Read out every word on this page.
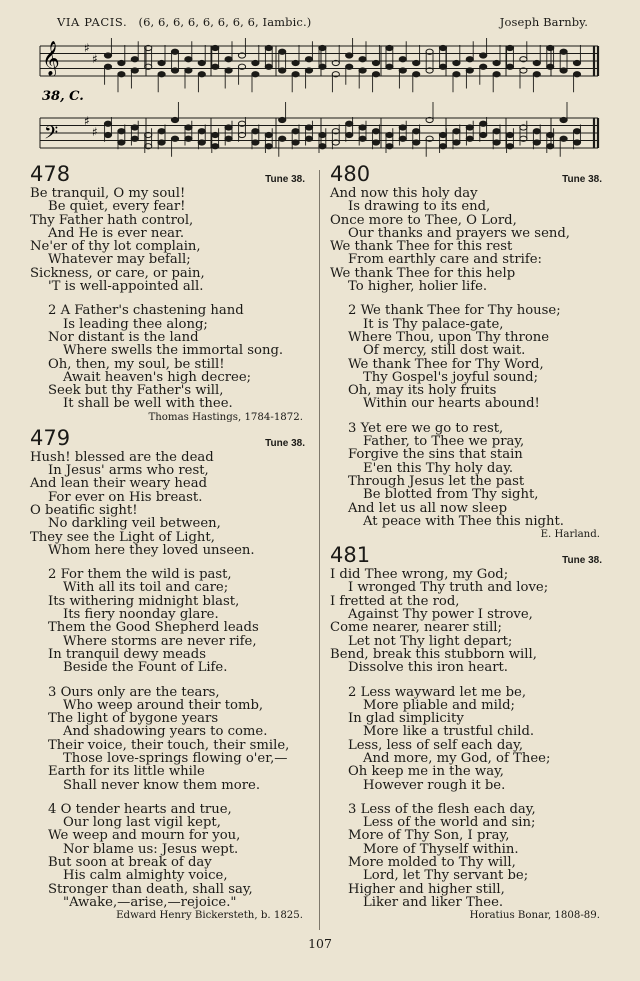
VIA PACIS. (6, 6, 6, 6, 6, 6, 6, 6, Iambic.)	Joseph Barnby.
♯
♯
♯
♯
38, C.
𝄞
𝄢
478	Tune 38.
Be tranquil, O my soul!
Be quiet, every fear!
Thy Father hath control,
And He is ever near.
Ne'er of thy lot complain,
Whatever may befall;
Sickness, or care, or pain,
'T is well-appointed all.
2 A Father's chastening hand
Is leading thee along;
Nor distant is the land
Where swells the immortal song.
Oh, then, my soul, be still!
Await heaven's high decree;
Seek but thy Father's will,
It shall be well with thee.
Thomas Hastings, 1784-1872.
479	Tune 38.
Hush! blessed are the dead
In Jesus' arms who rest,
And lean their weary head
For ever on His breast.
O beatific sight!
No darkling veil between,
They see the Light of Light,
Whom here they loved unseen.
2 For them the wild is past,
With all its toil and care;
Its withering midnight blast,
Its fiery noonday glare.
Them the Good Shepherd leads
Where storms are never rife,
In tranquil dewy meads
Beside the Fount of Life.
3 Ours only are the tears,
Who weep around their tomb,
The light of bygone years
And shadowing years to come.
Their voice, their touch, their smile,
Those love-springs flowing o'er,—
Earth for its little while
Shall never know them more.
4 O tender hearts and true,
Our long last vigil kept,
We weep and mourn for you,
Nor blame us: Jesus wept.
But soon at break of day
His calm almighty voice,
Stronger than death, shall say,
"Awake,—arise,—rejoice."
Edward Henry Bickersteth, b. 1825.
480	Tune 38.
And now this holy day
Is drawing to its end,
Once more to Thee, O Lord,
Our thanks and prayers we send,
We thank Thee for this rest
From earthly care and strife:
We thank Thee for this help
To higher, holier life.
2 We thank Thee for Thy house;
It is Thy palace-gate,
Where Thou, upon Thy throne
Of mercy, still dost wait.
We thank Thee for Thy Word,
Thy Gospel's joyful sound;
Oh, may its holy fruits
Within our hearts abound!
3 Yet ere we go to rest,
Father, to Thee we pray,
Forgive the sins that stain
E'en this Thy holy day.
Through Jesus let the past
Be blotted from Thy sight,
And let us all now sleep
At peace with Thee this night.
E. Harland.
481	Tune 38.
I did Thee wrong, my God;
I wronged Thy truth and love;
I fretted at the rod,
Against Thy power I strove,
Come nearer, nearer still;
Let not Thy light depart;
Bend, break this stubborn will,
Dissolve this iron heart.
2 Less wayward let me be,
More pliable and mild;
In glad simplicity
More like a trustful child.
Less, less of self each day,
And more, my God, of Thee;
Oh keep me in the way,
However rough it be.
3 Less of the flesh each day,
Less of the world and sin;
More of Thy Son, I pray,
More of Thyself within.
More molded to Thy will,
Lord, let Thy servant be;
Higher and higher still,
Liker and liker Thee.
Horatius Bonar, 1808-89.
107
